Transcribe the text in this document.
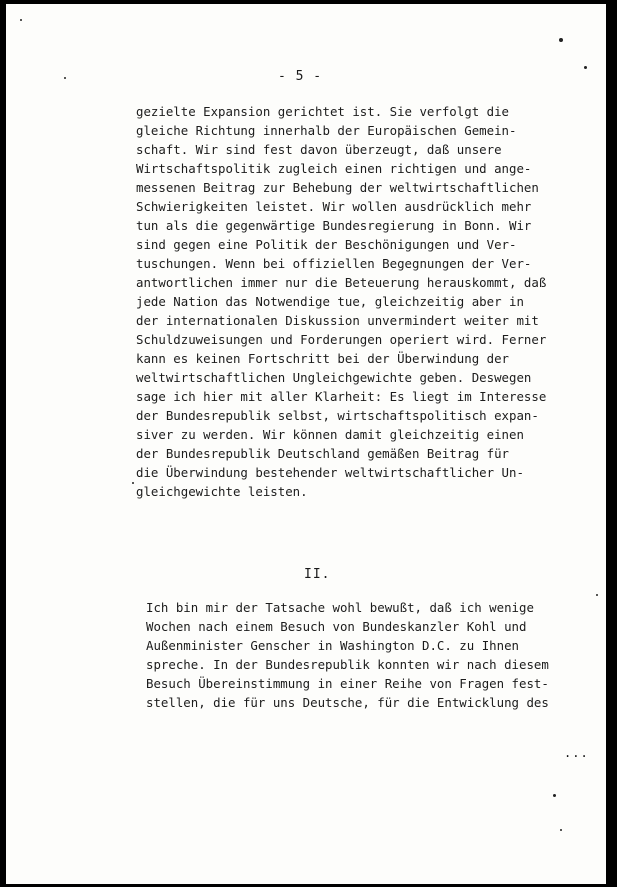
- 5 -
gezielte Expansion gerichtet ist. Sie verfolgt die
gleiche Richtung innerhalb der Europäischen Gemein-
schaft. Wir sind fest davon überzeugt, daß unsere
Wirtschaftspolitik zugleich einen richtigen und ange-
messenen Beitrag zur Behebung der weltwirtschaftlichen
Schwierigkeiten leistet. Wir wollen ausdrücklich mehr
tun als die gegenwärtige Bundesregierung in Bonn. Wir
sind gegen eine Politik der Beschönigungen und Ver-
tuschungen. Wenn bei offiziellen Begegnungen der Ver-
antwortlichen immer nur die Beteuerung herauskommt, daß
jede Nation das Notwendige tue, gleichzeitig aber in
der internationalen Diskussion unvermindert weiter mit
Schuldzuweisungen und Forderungen operiert wird. Ferner
kann es keinen Fortschritt bei der Überwindung der
weltwirtschaftlichen Ungleichgewichte geben. Deswegen
sage ich hier mit aller Klarheit: Es liegt im Interesse
der Bundesrepublik selbst, wirtschaftspolitisch expan-
siver zu werden. Wir können damit gleichzeitig einen
der Bundesrepublik Deutschland gemäßen Beitrag für
die Überwindung bestehender weltwirtschaftlicher Un-
gleichgewichte leisten.
II.
Ich bin mir der Tatsache wohl bewußt, daß ich wenige
Wochen nach einem Besuch von Bundeskanzler Kohl und
Außenminister Genscher in Washington D.C. zu Ihnen
spreche. In der Bundesrepublik konnten wir nach diesem
Besuch Übereinstimmung in einer Reihe von Fragen fest-
stellen, die für uns Deutsche, für die Entwicklung des
...
